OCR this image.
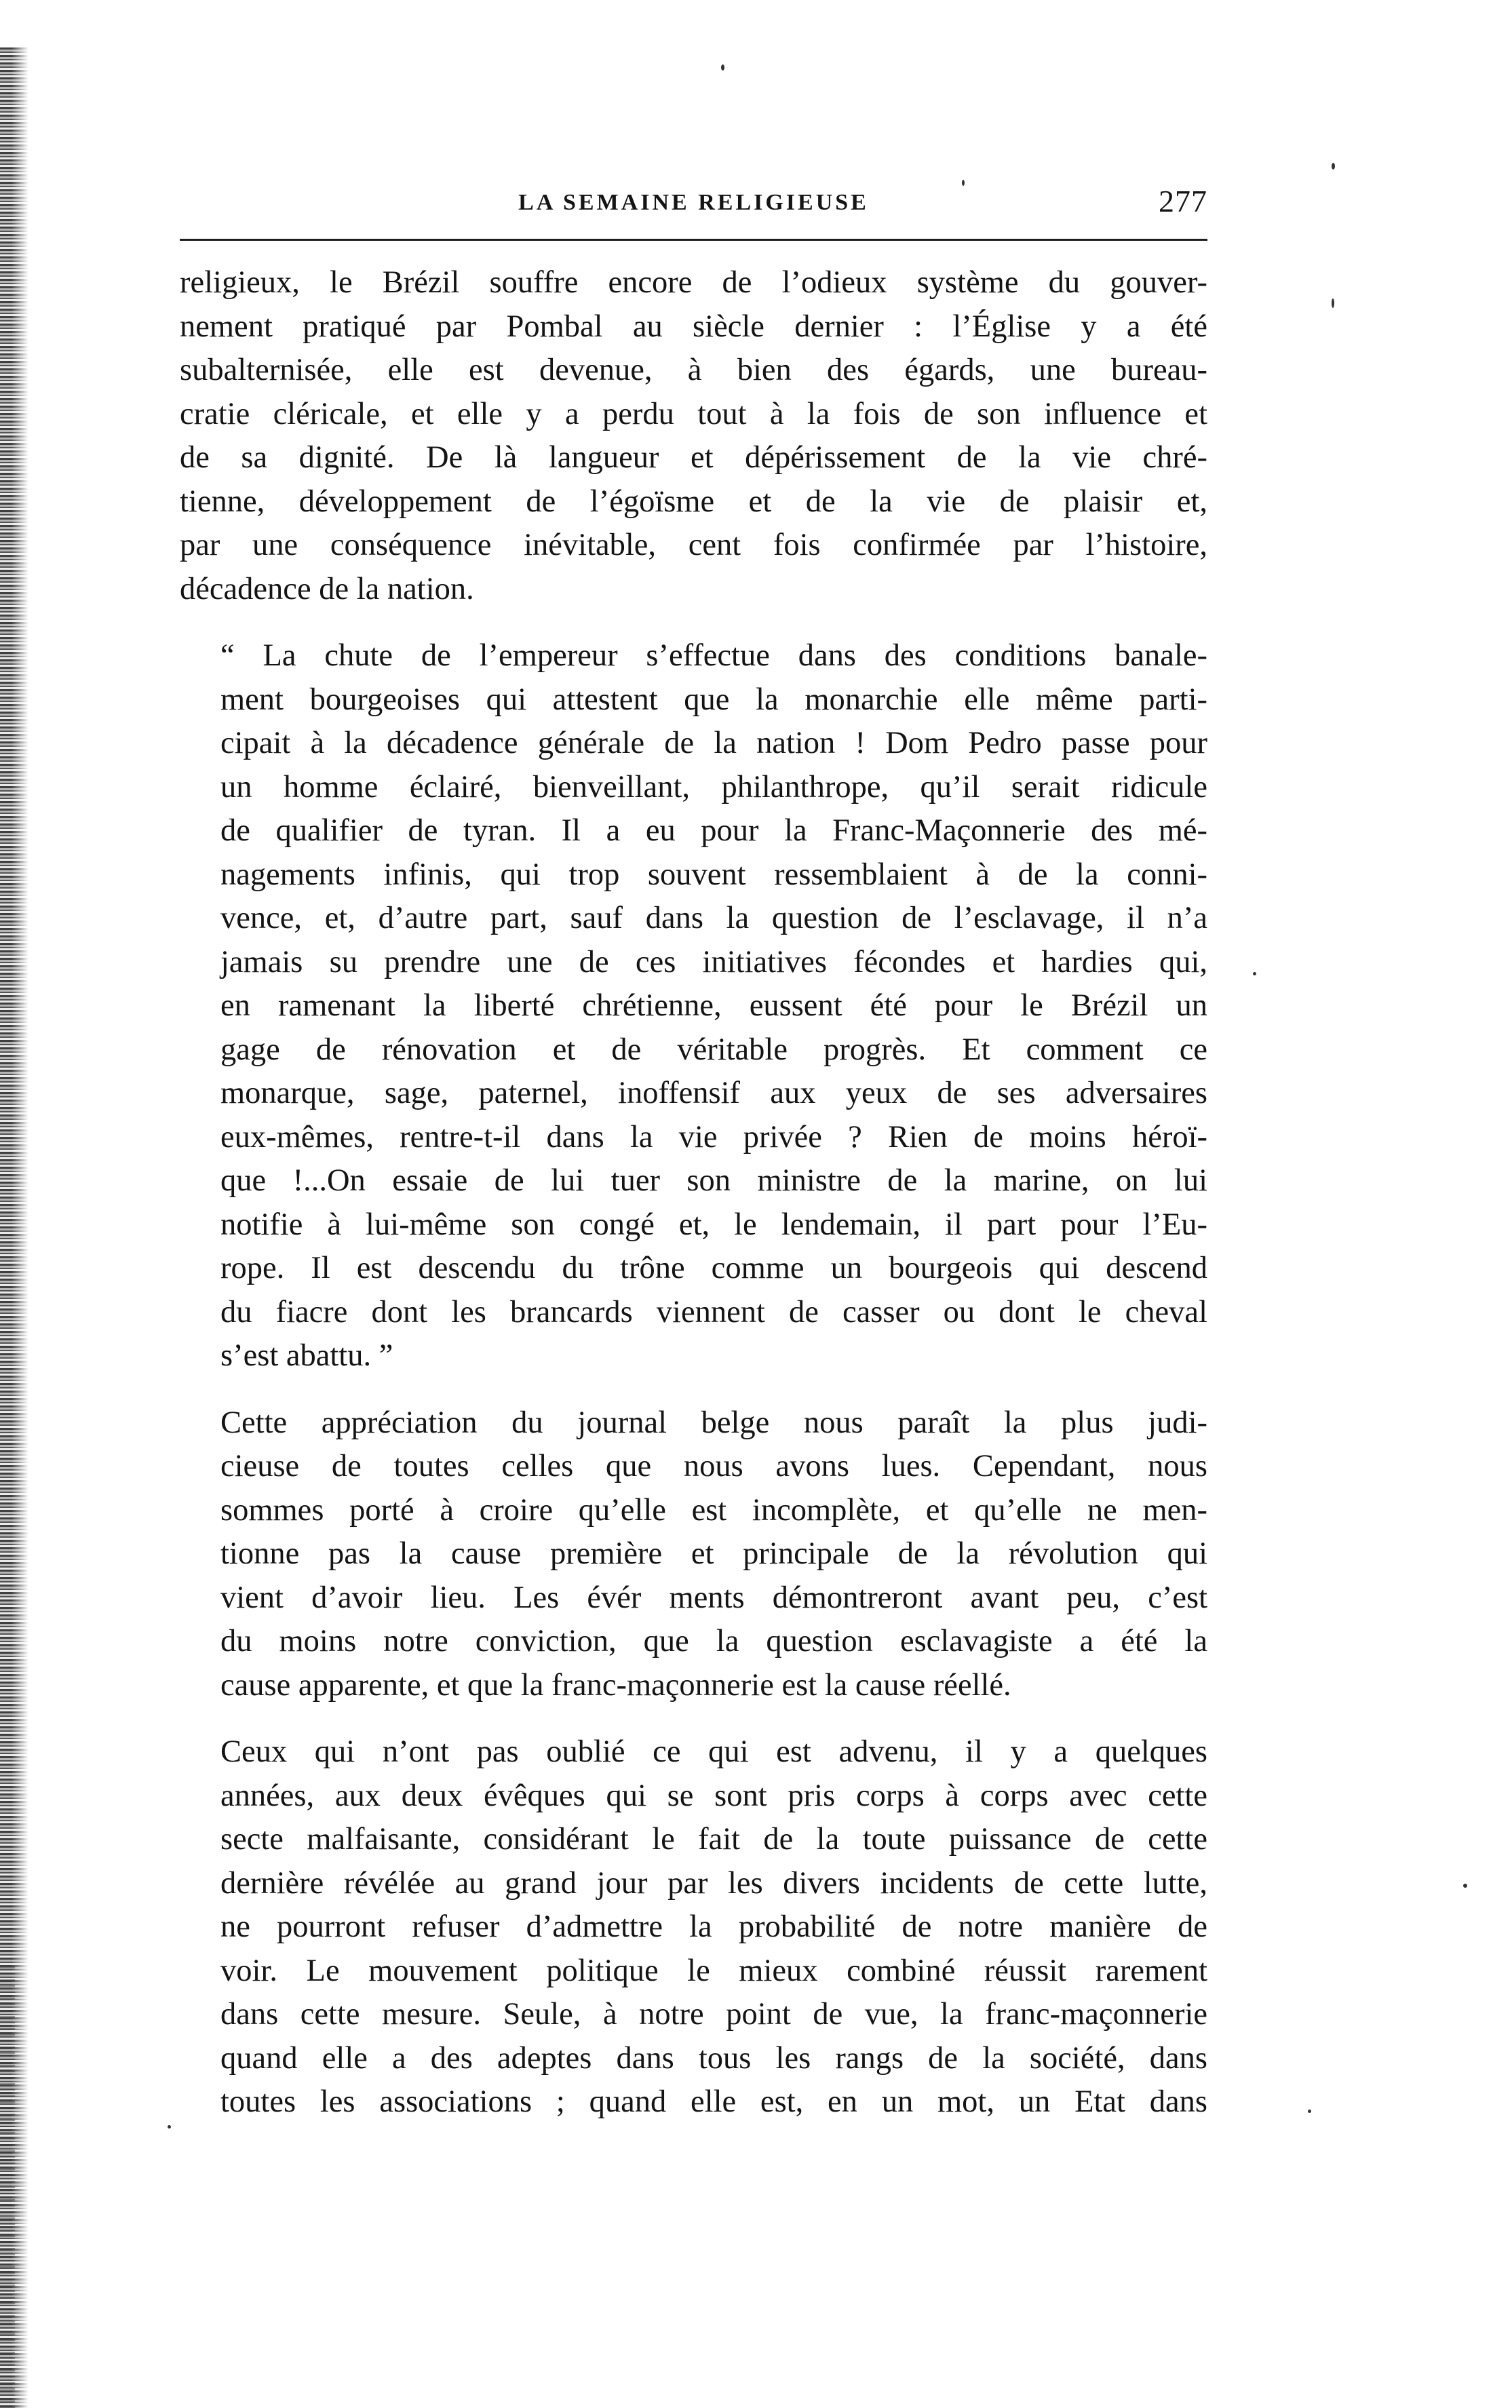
LA SEMAINE RELIGIEUSE	277
religieux, le Brézil souffre encore de l’odieux système du gouver-
nement pratiqué par Pombal au siècle dernier : l’Église y a été
subalternisée, elle est devenue, à bien des égards, une bureau-
cratie cléricale, et elle y a perdu tout à la fois de son influence et
de sa dignité. De là langueur et dépérissement de la vie chré-
tienne, développement de l’égoïsme et de la vie de plaisir et,
par une conséquence inévitable, cent fois confirmée par l’histoire,
décadence de la nation.
“ La chute de l’empereur s’effectue dans des conditions banale-
ment bourgeoises qui attestent que la monarchie elle même parti-
cipait à la décadence générale de la nation ! Dom Pedro passe pour
un homme éclairé, bienveillant, philanthrope, qu’il serait ridicule
de qualifier de tyran. Il a eu pour la Franc-Maçonnerie des mé-
nagements infinis, qui trop souvent ressemblaient à de la conni-
vence, et, d’autre part, sauf dans la question de l’esclavage, il n’a
jamais su prendre une de ces initiatives fécondes et hardies qui,
en ramenant la liberté chrétienne, eussent été pour le Brézil un
gage de rénovation et de véritable progrès. Et comment ce
monarque, sage, paternel, inoffensif aux yeux de ses adversaires
eux-mêmes, rentre-t-il dans la vie privée ? Rien de moins héroï-
que !...On essaie de lui tuer son ministre de la marine, on lui
notifie à lui-même son congé et, le lendemain, il part pour l’Eu-
rope. Il est descendu du trône comme un bourgeois qui descend
du fiacre dont les brancards viennent de casser ou dont le cheval
s’est abattu. ”
Cette appréciation du journal belge nous paraît la plus judi-
cieuse de toutes celles que nous avons lues. Cependant, nous
sommes porté à croire qu’elle est incomplète, et qu’elle ne men-
tionne pas la cause première et principale de la révolution qui
vient d’avoir lieu. Les évér ments démontreront avant peu, c’est
du moins notre conviction, que la question esclavagiste a été la
cause apparente, et que la franc-maçonnerie est la cause réellé.
Ceux qui n’ont pas oublié ce qui est advenu, il y a quelques
années, aux deux évêques qui se sont pris corps à corps avec cette
secte malfaisante, considérant le fait de la toute puissance de cette
dernière révélée au grand jour par les divers incidents de cette lutte,
ne pourront refuser d’admettre la probabilité de notre manière de
voir. Le mouvement politique le mieux combiné réussit rarement
dans cette mesure. Seule, à notre point de vue, la franc-maçonnerie
quand elle a des adeptes dans tous les rangs de la société, dans
toutes les associations ; quand elle est, en un mot, un Etat dans
